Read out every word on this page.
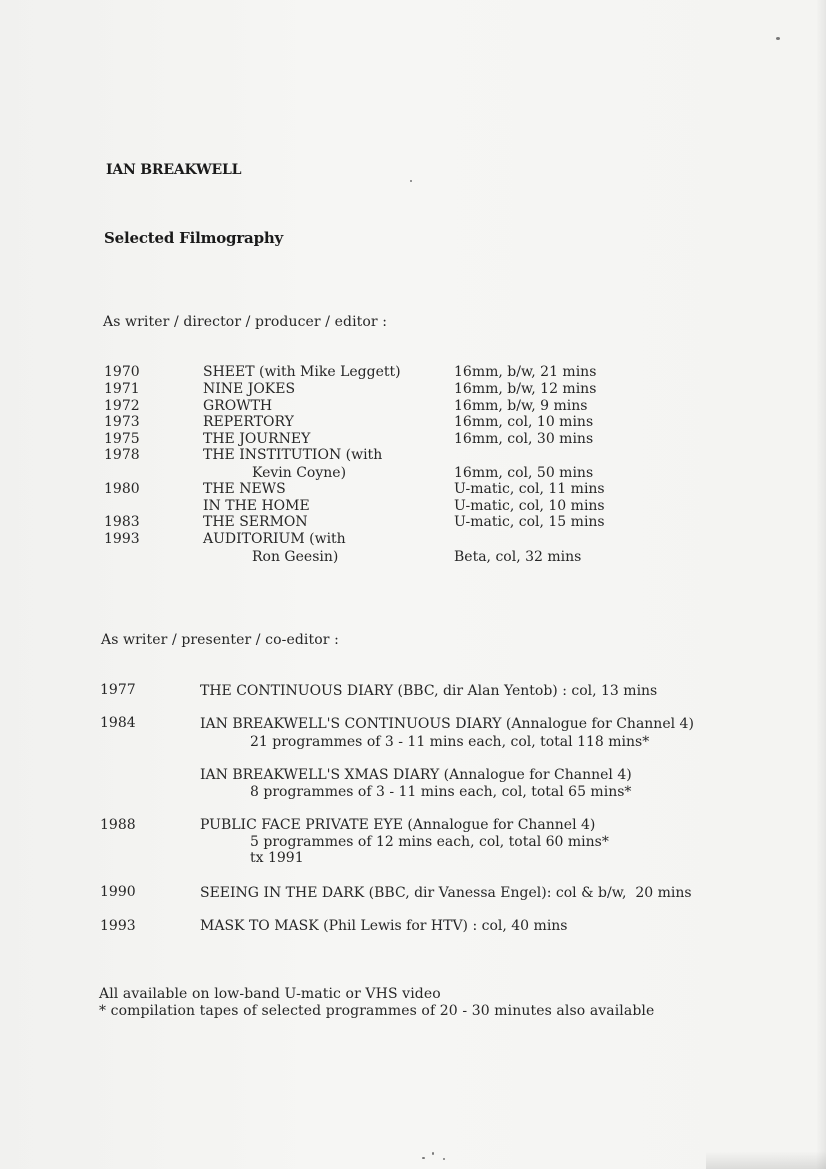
IAN BREAKWELL
Selected Filmography
As writer / director / producer / editor :
1970	SHEET (with Mike Leggett)	16mm, b/w, 21 mins
1971	NINE JOKES	16mm, b/w, 12 mins
1972	GROWTH	16mm, b/w, 9 mins
1973	REPERTORY	16mm, col, 10 mins
1975	THE JOURNEY	16mm, col, 30 mins
1978	THE INSTITUTION (with
Kevin Coyne)	16mm, col, 50 mins
1980	THE NEWS	U-matic, col, 11 mins
IN THE HOME	U-matic, col, 10 mins
1983	THE SERMON	U-matic, col, 15 mins
1993	AUDITORIUM (with
Ron Geesin)	Beta, col, 32 mins
As writer / presenter / co-editor :
1977	THE CONTINUOUS DIARY (BBC, dir Alan Yentob) : col, 13 mins
1984	IAN BREAKWELL'S CONTINUOUS DIARY (Annalogue for Channel 4)
21 programmes of 3 - 11 mins each, col, total 118 mins*
IAN BREAKWELL'S XMAS DIARY (Annalogue for Channel 4)
8 programmes of 3 - 11 mins each, col, total 65 mins*
1988	PUBLIC FACE PRIVATE EYE (Annalogue for Channel 4)
5 programmes of 12 mins each, col, total 60 mins*
tx 1991
1990	SEEING IN THE DARK (BBC, dir Vanessa Engel): col & b/w,  20 mins
1993	MASK TO MASK (Phil Lewis for HTV) : col, 40 mins
All available on low-band U-matic or VHS video
* compilation tapes of selected programmes of 20 - 30 minutes also available
